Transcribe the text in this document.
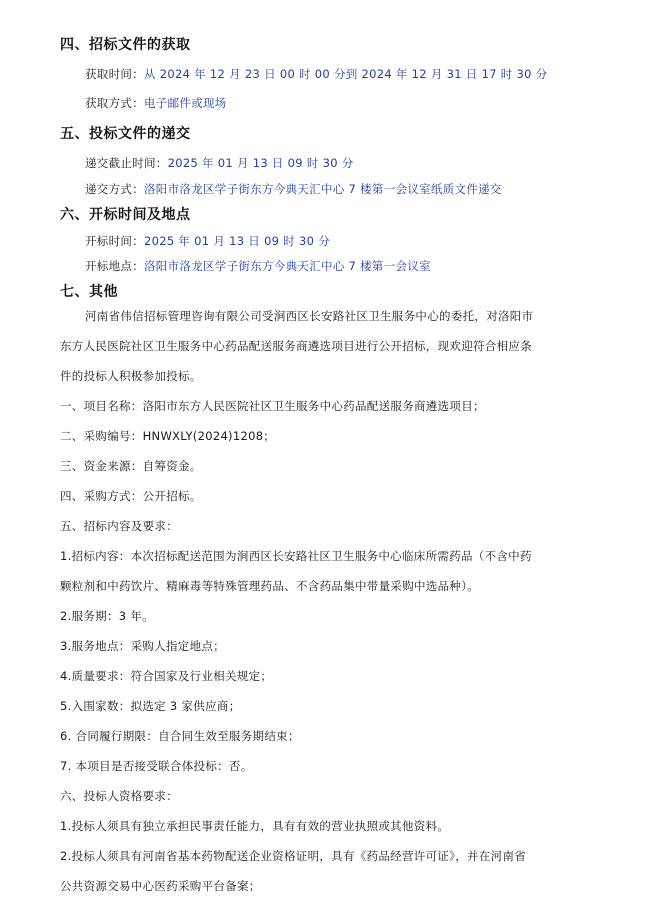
四、招标文件的获取
获取时间：从 2024 年 12 月 23 日 00 时 00 分到 2024 年 12 月 31 日 17 时 30 分
获取方式：电子邮件或现场
五、投标文件的递交
递交截止时间：2025 年 01 月 13 日 09 时 30 分
递交方式：洛阳市洛龙区学子街东方今典天汇中心 7 楼第一会议室纸质文件递交
六、开标时间及地点
开标时间：2025 年 01 月 13 日 09 时 30 分
开标地点：洛阳市洛龙区学子街东方今典天汇中心 7 楼第一会议室
七、其他
河南省伟信招标管理咨询有限公司受涧西区长安路社区卫生服务中心的委托，对洛阳市
东方人民医院社区卫生服务中心药品配送服务商遴选项目进行公开招标，现欢迎符合相应条
件的投标人积极参加投标。
一、项目名称：洛阳市东方人民医院社区卫生服务中心药品配送服务商遴选项目；
二、采购编号：HNWXLY(2024)1208；
三、资金来源：自筹资金。
四、采购方式：公开招标。
五、招标内容及要求：
1.招标内容：本次招标配送范围为涧西区长安路社区卫生服务中心临床所需药品（不含中药
颗粒剂和中药饮片、精麻毒等特殊管理药品、不含药品集中带量采购中选品种）。
2.服务期：3 年。
3.服务地点：采购人指定地点；
4.质量要求：符合国家及行业相关规定；
5.入围家数：拟选定 3 家供应商；
6. 合同履行期限：自合同生效至服务期结束；
7. 本项目是否接受联合体投标：否。
六、投标人资格要求：
1.投标人须具有独立承担民事责任能力，具有有效的营业执照或其他资料。
2.投标人须具有河南省基本药物配送企业资格证明，具有《药品经营许可证》，并在河南省
公共资源交易中心医药采购平台备案；
